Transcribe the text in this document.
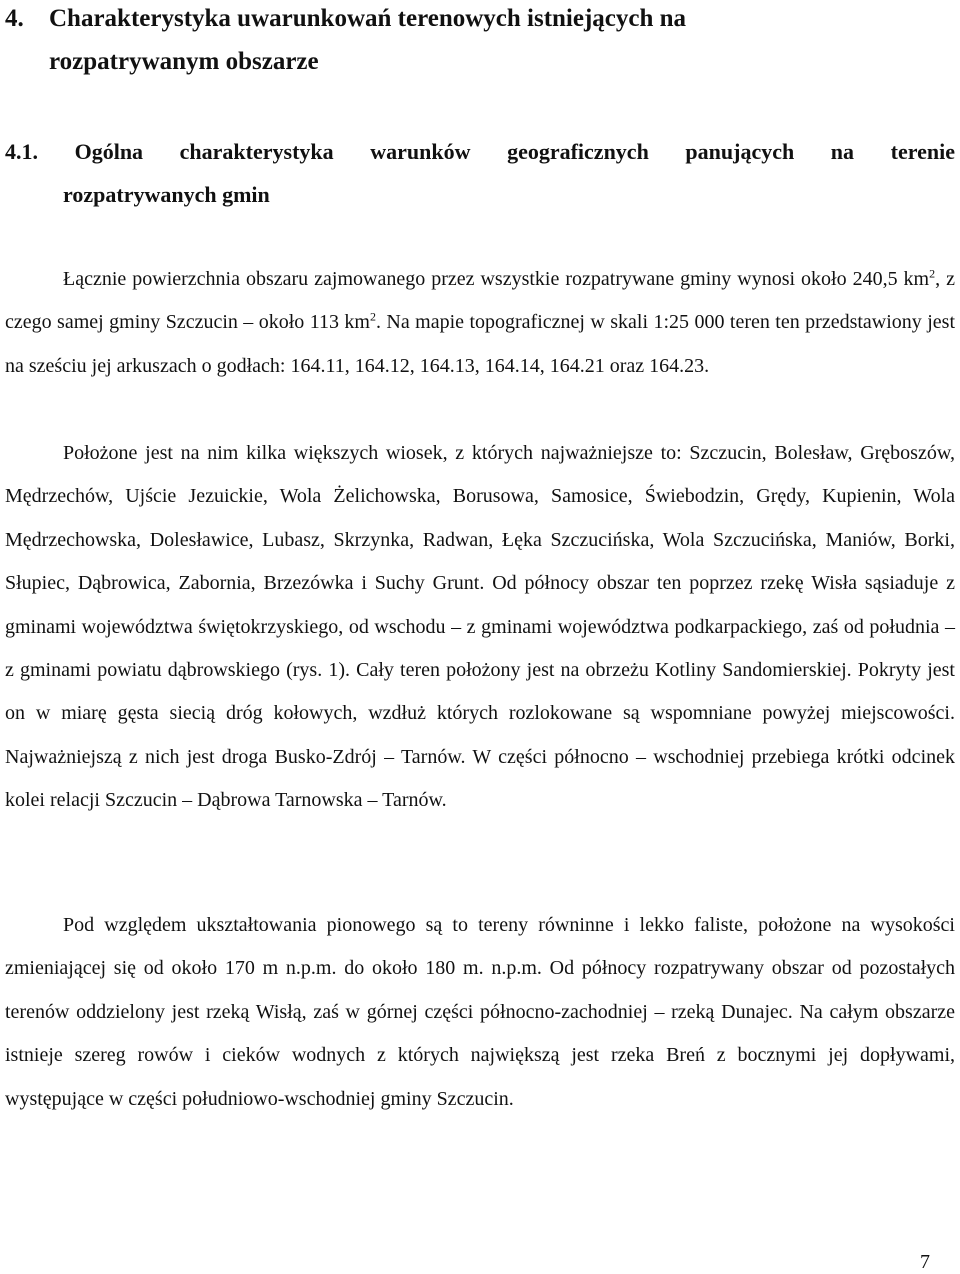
4. Charakterystyka uwarunkowań terenowych istniejących na
rozpatrywanym obszarze
4.1. Ogólna charakterystyka warunków geograficznych panujących na terenie
rozpatrywanych gmin

Łącznie powierzchnia obszaru zajmowanego przez wszystkie rozpatrywane gminy wynosi około 240,5 $km^2$, z czego samej gminy Szczucin – około 113 $km^2$. Na mapie topograficznej w skali 1:25 000 teren ten przedstawiony jest na sześciu jej arkuszach o godłach: 164.11, 164.12, 164.13, 164.14, 164.21 oraz 164.23.

Położone jest na nim kilka większych wiosek, z których najważniejsze to: Szczucin, Bolesław, Gręboszów, Mędrzechów, Ujście Jezuickie, Wola Żelichowska, Borusowa, Samosice, Świebodzin, Grędy, Kupienin, Wola Mędrzechowska, Dolesławice, Lubasz, Skrzynka, Radwan, Łęka Szczucińska, Wola Szczucińska, Maniów, Borki, Słupiec, Dąbrowica, Zabornia, Brzezówka i Suchy Grunt. Od północy obszar ten poprzez rzekę Wisła sąsiaduje z gminami województwa świętokrzyskiego, od wschodu – z gminami województwa podkarpackiego, zaś od południa – z gminami powiatu dąbrowskiego (rys. 1). Cały teren położony jest na obrzeżu Kotliny Sandomierskiej. Pokryty jest on w miarę gęsta siecią dróg kołowych, wzdłuż których rozlokowane są wspomniane powyżej miejscowości. Najważniejszą z nich jest droga Busko-Zdrój – Tarnów. W części północno – wschodniej przebiega krótki odcinek kolei relacji Szczucin – Dąbrowa Tarnowska – Tarnów.

Pod względem ukształtowania pionowego są to tereny równinne i lekko faliste, położone na wysokości zmieniającej się od około 170 m n.p.m. do około 180 m. n.p.m. Od północy rozpatrywany obszar od pozostałych terenów oddzielony jest rzeką Wisłą, zaś w górnej części północno-zachodniej – rzeką Dunajec. Na całym obszarze istnieje szereg rowów i cieków wodnych z których największą jest rzeka Breń z bocznymi jej dopływami, występujące w części południowo-wschodniej gminy Szczucin.

7
